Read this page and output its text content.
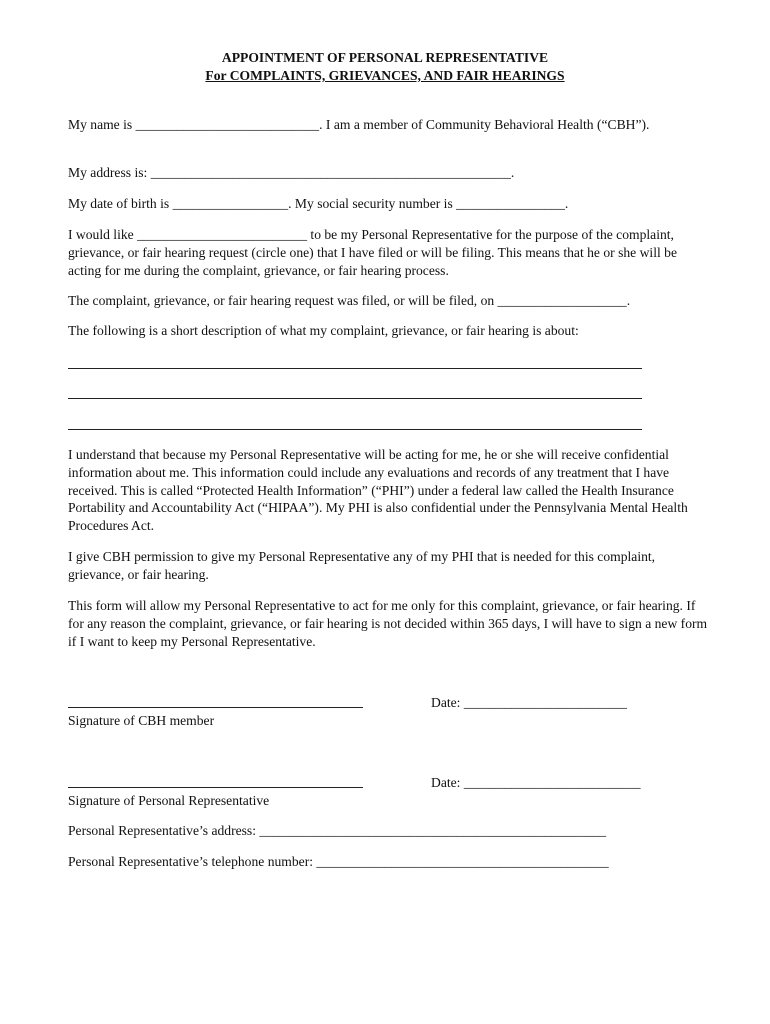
APPOINTMENT OF PERSONAL REPRESENTATIVE
For COMPLAINTS, GRIEVANCES, AND FAIR HEARINGS
My name is ___________________________. I am a member of Community Behavioral Health (“CBH”).
My address is: _____________________________________________________.
My date of birth is _________________. My social security number is ________________.
I would like _________________________ to be my Personal Representative for the purpose of the complaint, grievance, or fair hearing request (circle one) that I have filed or will be filing. This means that he or she will be acting for me during the complaint, grievance, or fair hearing process.
The complaint, grievance, or fair hearing request was filed, or will be filed, on ___________________.
The following is a short description of what my complaint, grievance, or fair hearing is about:
I understand that because my Personal Representative will be acting for me, he or she will receive confidential information about me. This information could include any evaluations and records of any treatment that I have received. This is called “Protected Health Information” (“PHI”) under a federal law called the Health Insurance Portability and Accountability Act (“HIPAA”). My PHI is also confidential under the Pennsylvania Mental Health Procedures Act.
I give CBH permission to give my Personal Representative any of my PHI that is needed for this complaint, grievance, or fair hearing.
This form will allow my Personal Representative to act for me only for this complaint, grievance, or fair hearing. If for any reason the complaint, grievance, or fair hearing is not decided within 365 days, I will have to sign a new form if I want to keep my Personal Representative.
Date: ________________________
Signature of CBH member
Date: __________________________
Signature of Personal Representative
Personal Representative’s address: ___________________________________________________
Personal Representative’s telephone number: ___________________________________________
